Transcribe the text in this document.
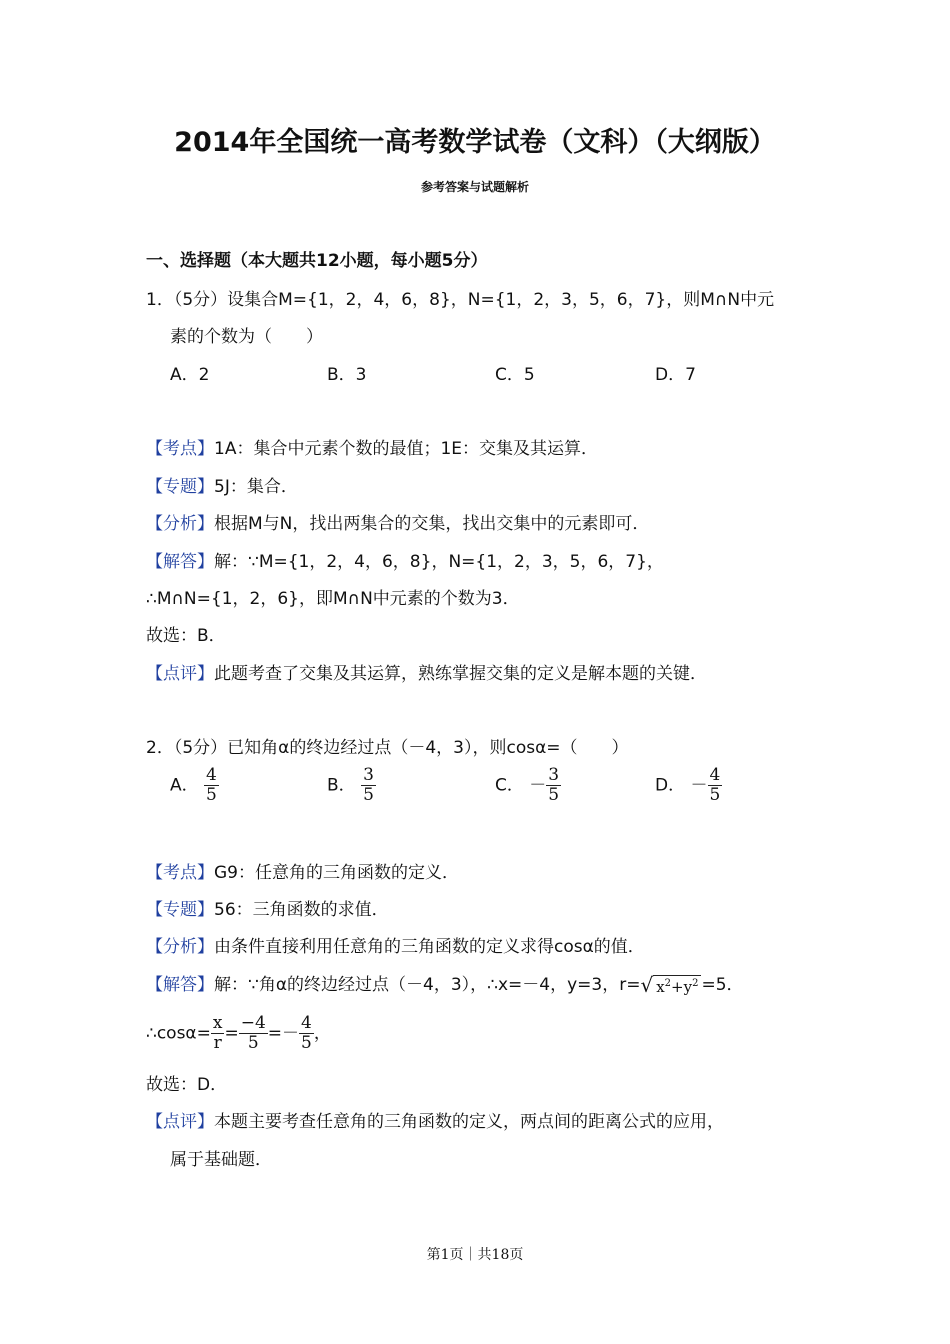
2014年全国统一高考数学试卷（文科）（大纲版）
参考答案与试题解析
一、选择题（本大题共12小题，每小题5分）
1．（5分）设集合M={1，2，4，6，8}，N={1，2，3，5，6，7}，则M∩N中元
素的个数为（　　）
A．2	B．3	C．5	D．7
【考点】1A：集合中元素个数的最值；1E：交集及其运算．
【专题】5J：集合．
【分析】根据M与N，找出两集合的交集，找出交集中的元素即可．
【解答】解：∵M={1，2，4，6，8}，N={1，2，3，5，6，7}，
∴M∩N={1，2，6}，即M∩N中元素的个数为3．
故选：B．
【点评】此题考查了交集及其运算，熟练掌握交集的定义是解本题的关键．
2．（5分）已知角α的终边经过点（－4，3），则cosα=（　　）
A． $\frac{4}{5}$	B． $\frac{3}{5}$	C． － $\frac{3}{5}$	D． － $\frac{4}{5}$
【考点】G9：任意角的三角函数的定义．
【专题】56：三角函数的求值．
【分析】由条件直接利用任意角的三角函数的定义求得cosα的值．
【解答】解：∵角α的终边经过点（－4，3），∴x=－4，y=3，r=√ $x^2+y^2 =5$．
∴cosα= $\frac{x}{r} = \frac{-4}{5} =- \frac{4}{5}$ ，
故选：D．
【点评】本题主要考查任意角的三角函数的定义，两点间的距离公式的应用，
属于基础题．
第1页｜共18页
